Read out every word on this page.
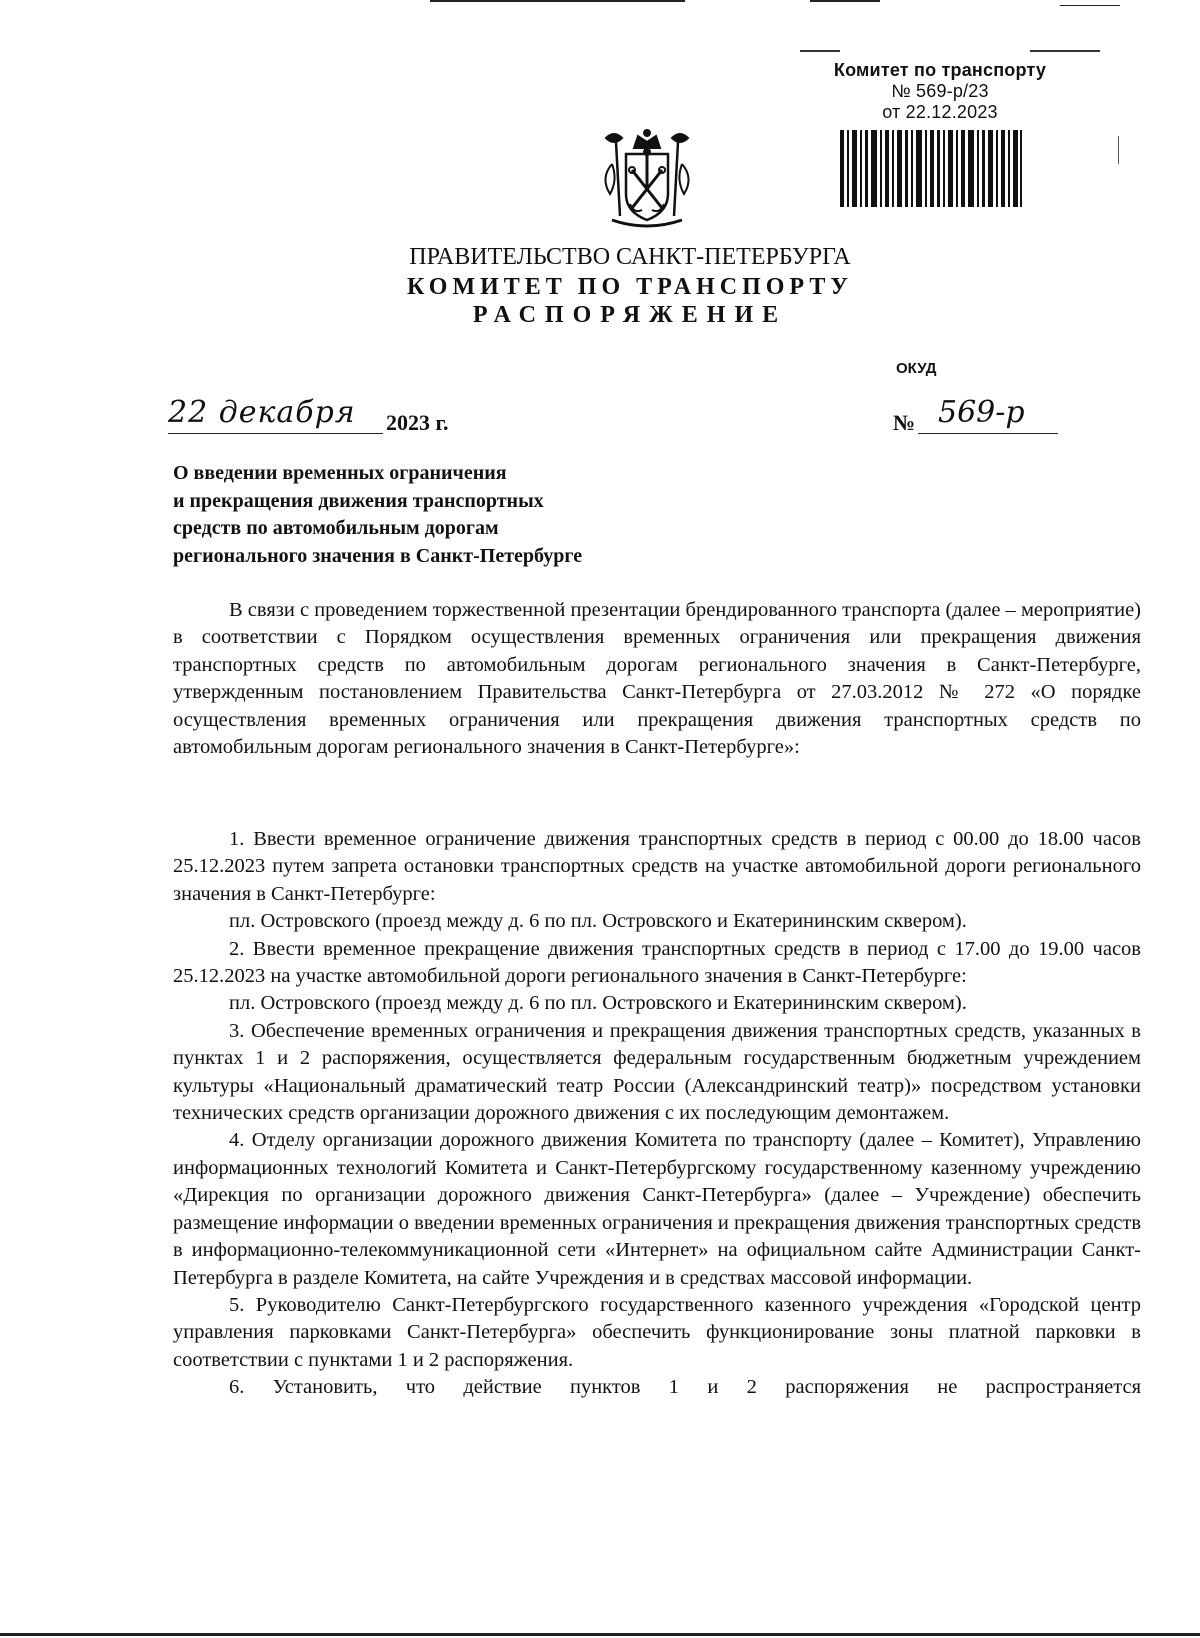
Комитет по транспорту
№ 569-р/23
от 22.12.2023
ПРАВИТЕЛЬСТВО САНКТ-ПЕТЕРБУРГА
КОМИТЕТ ПО ТРАНСПОРТУ
РАСПОРЯЖЕНИЕ
ОКУД
22 декабря 2023 г.	№ 569-р
О введении временных ограничения
и прекращения движения транспортных
средств по автомобильным дорогам
регионального значения в Санкт-Петербурге

В связи с проведением торжественной презентации брендированного транспорта (далее – мероприятие) в соответствии с Порядком осуществления временных ограничения или прекращения движения транспортных средств по автомобильным дорогам регионального значения в Санкт-Петербурге, утвержденным постановлением Правительства Санкт-Петербурга от 27.03.2012 № 272 «О порядке осуществления временных ограничения или прекращения движения транспортных средств по автомобильным дорогам регионального значения в Санкт-Петербурге»:

1. Ввести временное ограничение движения транспортных средств в период с 00.00 до 18.00 часов 25.12.2023 путем запрета остановки транспортных средств на участке автомобильной дороги регионального значения в Санкт-Петербурге:

пл. Островского (проезд между д. 6 по пл. Островского и Екатерининским сквером).

2. Ввести временное прекращение движения транспортных средств в период с 17.00 до 19.00 часов 25.12.2023 на участке автомобильной дороги регионального значения в Санкт-Петербурге:

пл. Островского (проезд между д. 6 по пл. Островского и Екатерининским сквером).

3. Обеспечение временных ограничения и прекращения движения транспортных средств, указанных в пунктах 1 и 2 распоряжения, осуществляется федеральным государственным бюджетным учреждением культуры «Национальный драматический театр России (Александринский театр)» посредством установки технических средств организации дорожного движения с их последующим демонтажем.

4. Отделу организации дорожного движения Комитета по транспорту (далее – Комитет), Управлению информационных технологий Комитета и Санкт-Петербургскому государственному казенному учреждению «Дирекция по организации дорожного движения Санкт-Петербурга» (далее – Учреждение) обеспечить размещение информации о введении временных ограничения и прекращения движения транспортных средств в информационно-телекоммуникационной сети «Интернет» на официальном сайте Администрации Санкт-Петербурга в разделе Комитета, на сайте Учреждения и в средствах массовой информации.

5. Руководителю Санкт-Петербургского государственного казенного учреждения «Городской центр управления парковками Санкт-Петербурга» обеспечить функционирование зоны платной парковки в соответствии с пунктами 1 и 2 распоряжения.

6. Установить, что действие пунктов 1 и 2 распоряжения не распространяется
